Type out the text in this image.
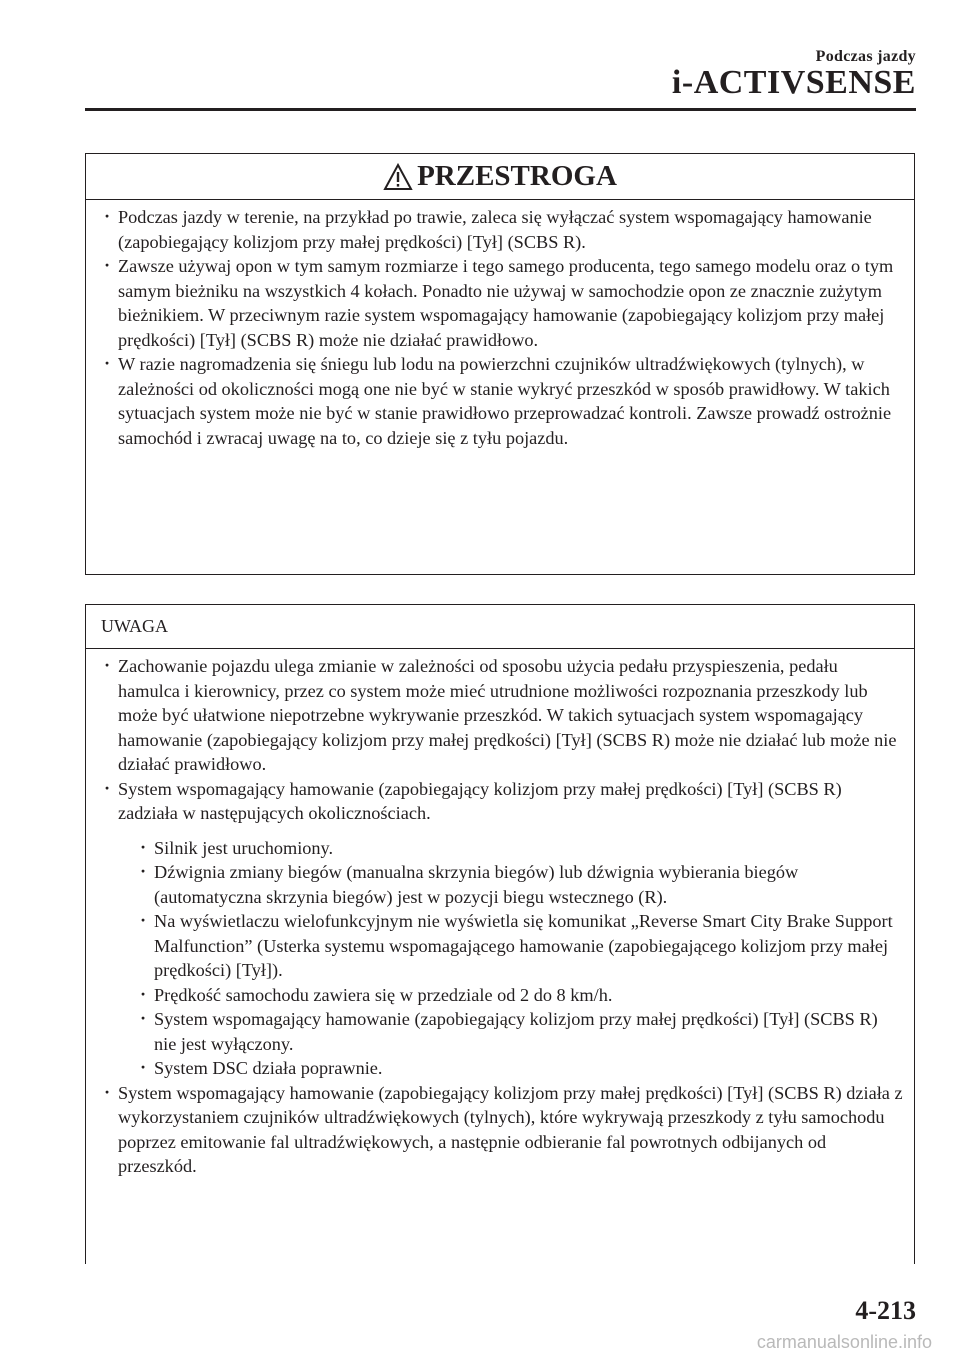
Podczas jazdy
i-ACTIVSENSE
PRZESTROGA
· Podczas jazdy w terenie, na przykład po trawie, zaleca się wyłączać system wspomagający hamowanie (zapobiegający kolizjom przy małej prędkości) [Tył] (SCBS R).
· Zawsze używaj opon w tym samym rozmiarze i tego samego producenta, tego samego modelu oraz o tym samym bieżniku na wszystkich 4 kołach. Ponadto nie używaj w samochodzie opon ze znacznie zużytym bieżnikiem. W przeciwnym razie system wspomagający hamowanie (zapobiegający kolizjom przy małej prędkości) [Tył] (SCBS R) może nie działać prawidłowo.
· W razie nagromadzenia się śniegu lub lodu na powierzchni czujników ultradźwiękowych (tylnych), w zależności od okoliczności mogą one nie być w stanie wykryć przeszkód w sposób prawidłowy. W takich sytuacjach system może nie być w stanie prawidłowo przeprowadzać kontroli. Zawsze prowadź ostrożnie samochód i zwracaj uwagę na to, co dzieje się z tyłu pojazdu.
UWAGA
· Zachowanie pojazdu ulega zmianie w zależności od sposobu użycia pedału przyspieszenia, pedału hamulca i kierownicy, przez co system może mieć utrudnione możliwości rozpoznania przeszkody lub może być ułatwione niepotrzebne wykrywanie przeszkód. W takich sytuacjach system wspomagający hamowanie (zapobiegający kolizjom przy małej prędkości) [Tył] (SCBS R) może nie działać lub może nie działać prawidłowo.
· System wspomagający hamowanie (zapobiegający kolizjom przy małej prędkości) [Tył] (SCBS R) zadziała w następujących okolicznościach.
· Silnik jest uruchomiony.
· Dźwignia zmiany biegów (manualna skrzynia biegów) lub dźwignia wybierania biegów (automatyczna skrzynia biegów) jest w pozycji biegu wstecznego (R).
· Na wyświetlaczu wielofunkcyjnym nie wyświetla się komunikat „Reverse Smart City Brake Support Malfunction” (Usterka systemu wspomagającego hamowanie (zapobiegającego kolizjom przy małej prędkości) [Tył]).
· Prędkość samochodu zawiera się w przedziale od 2 do 8 km/h.
· System wspomagający hamowanie (zapobiegający kolizjom przy małej prędkości) [Tył] (SCBS R) nie jest wyłączony.
· System DSC działa poprawnie.
· System wspomagający hamowanie (zapobiegający kolizjom przy małej prędkości) [Tył] (SCBS R) działa z wykorzystaniem czujników ultradźwiękowych (tylnych), które wykrywają przeszkody z tyłu samochodu poprzez emitowanie fal ultradźwiękowych, a następnie odbieranie fal powrotnych odbijanych od przeszkód.
4-213
carmanualsonline.info
